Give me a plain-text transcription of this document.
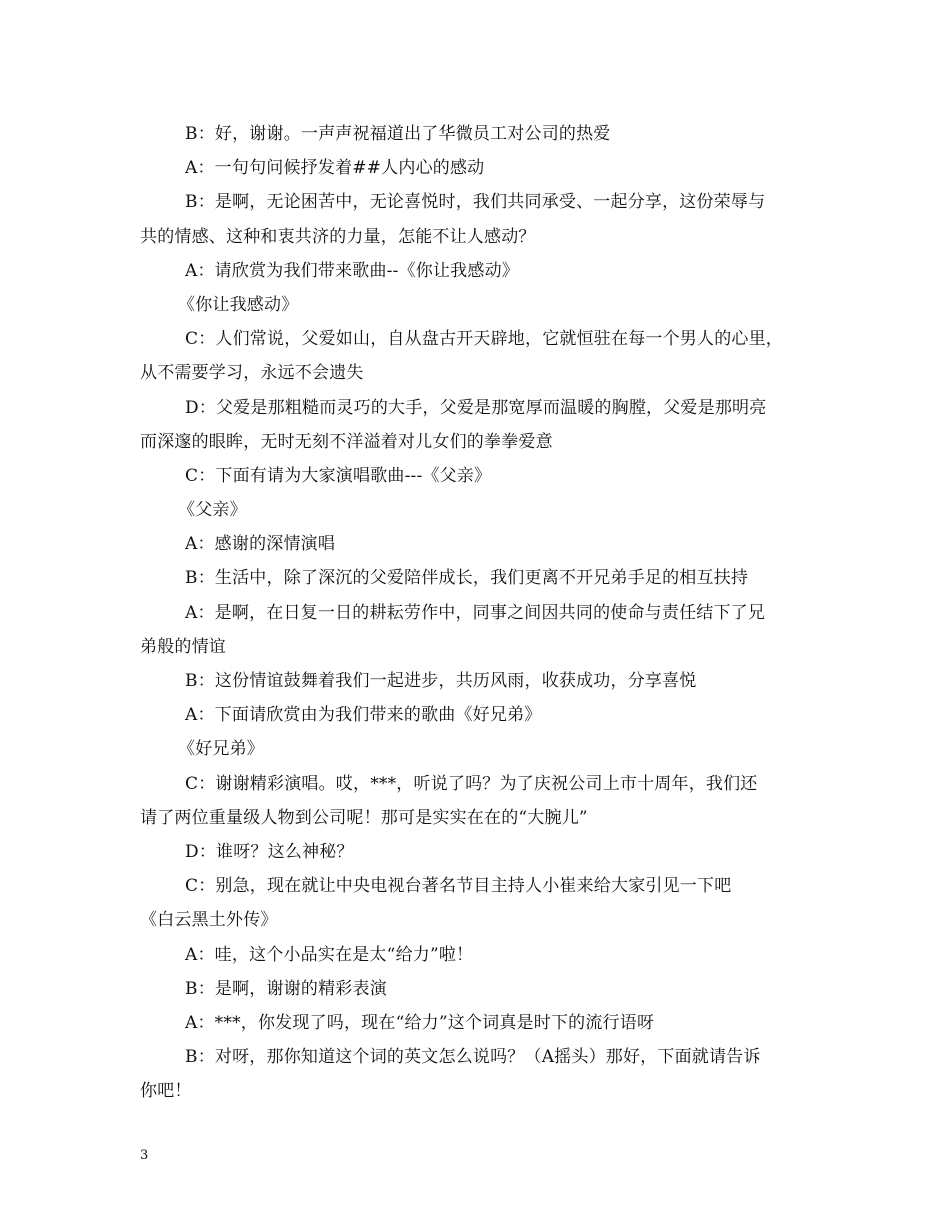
B：好，谢谢。一声声祝福道出了华微员工对公司的热爱
A：一句句问候抒发着##人内心的感动
B：是啊，无论困苦中，无论喜悦时，我们共同承受、一起分享，这份荣辱与
共的情感、这种和衷共济的力量，怎能不让人感动？
A：请欣赏为我们带来歌曲--《你让我感动》
《你让我感动》
C：人们常说，父爱如山，自从盘古开天辟地，它就恒驻在每一个男人的心里，
从不需要学习，永远不会遗失
D：父爱是那粗糙而灵巧的大手，父爱是那宽厚而温暖的胸膛，父爱是那明亮
而深邃的眼眸，无时无刻不洋溢着对儿女们的拳拳爱意
C：下面有请为大家演唱歌曲---《父亲》
《父亲》
A：感谢的深情演唱
B：生活中，除了深沉的父爱陪伴成长，我们更离不开兄弟手足的相互扶持
A：是啊，在日复一日的耕耘劳作中，同事之间因共同的使命与责任结下了兄
弟般的情谊
B：这份情谊鼓舞着我们一起进步，共历风雨，收获成功，分享喜悦
A：下面请欣赏由为我们带来的歌曲《好兄弟》
《好兄弟》
C：谢谢精彩演唱。哎，***，听说了吗？为了庆祝公司上市十周年，我们还
请了两位重量级人物到公司呢！那可是实实在在的“大腕儿”
D：谁呀？这么神秘？
C：别急，现在就让中央电视台著名节目主持人小崔来给大家引见一下吧
《白云黑土外传》
A：哇，这个小品实在是太“给力”啦！
B：是啊，谢谢的精彩表演
A：***，你发现了吗，现在“给力”这个词真是时下的流行语呀
B：对呀，那你知道这个词的英文怎么说吗？（A摇头）那好，下面就请告诉
你吧！
3
